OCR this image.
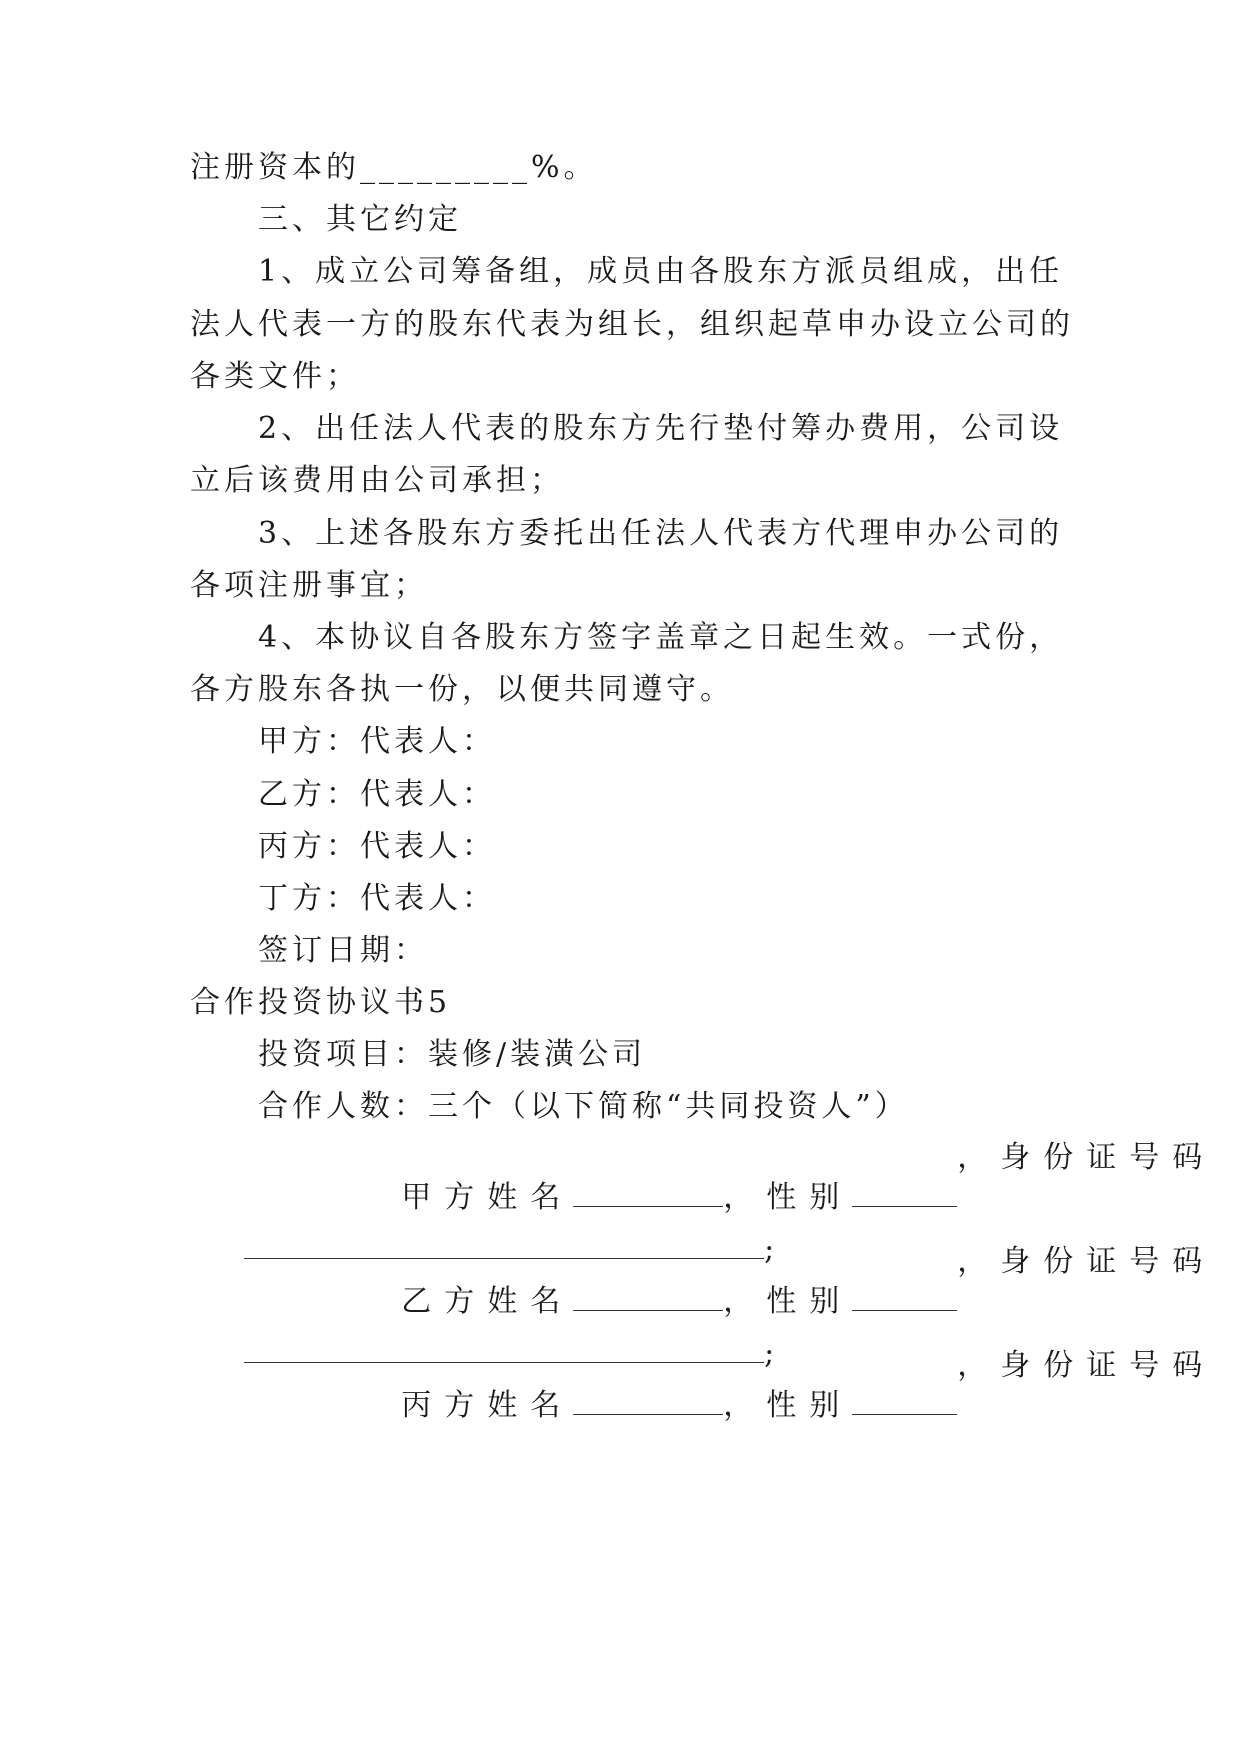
注册资本的_________%。
三、其它约定
1、成立公司筹备组，成员由各股东方派员组成，出任
法人代表一方的股东代表为组长，组织起草申办设立公司的
各类文件；
2、出任法人代表的股东方先行垫付筹办费用，公司设
立后该费用由公司承担；
3、上述各股东方委托出任法人代表方代理申办公司的
各项注册事宜；
4、本协议自各股东方签字盖章之日起生效。一式份，
各方股东各执一份，以便共同遵守。
甲方：代表人：
乙方：代表人：
丙方：代表人：
丁方：代表人：
签订日期：
合作投资协议书5
投资项目：装修/装潢公司
合作人数：三个（以下简称“共同投资人”）

甲方姓名	，性别

，身份证号码

;

乙方姓名	，性别

，身份证号码

;

丙方姓名	，性别

，身份证号码
